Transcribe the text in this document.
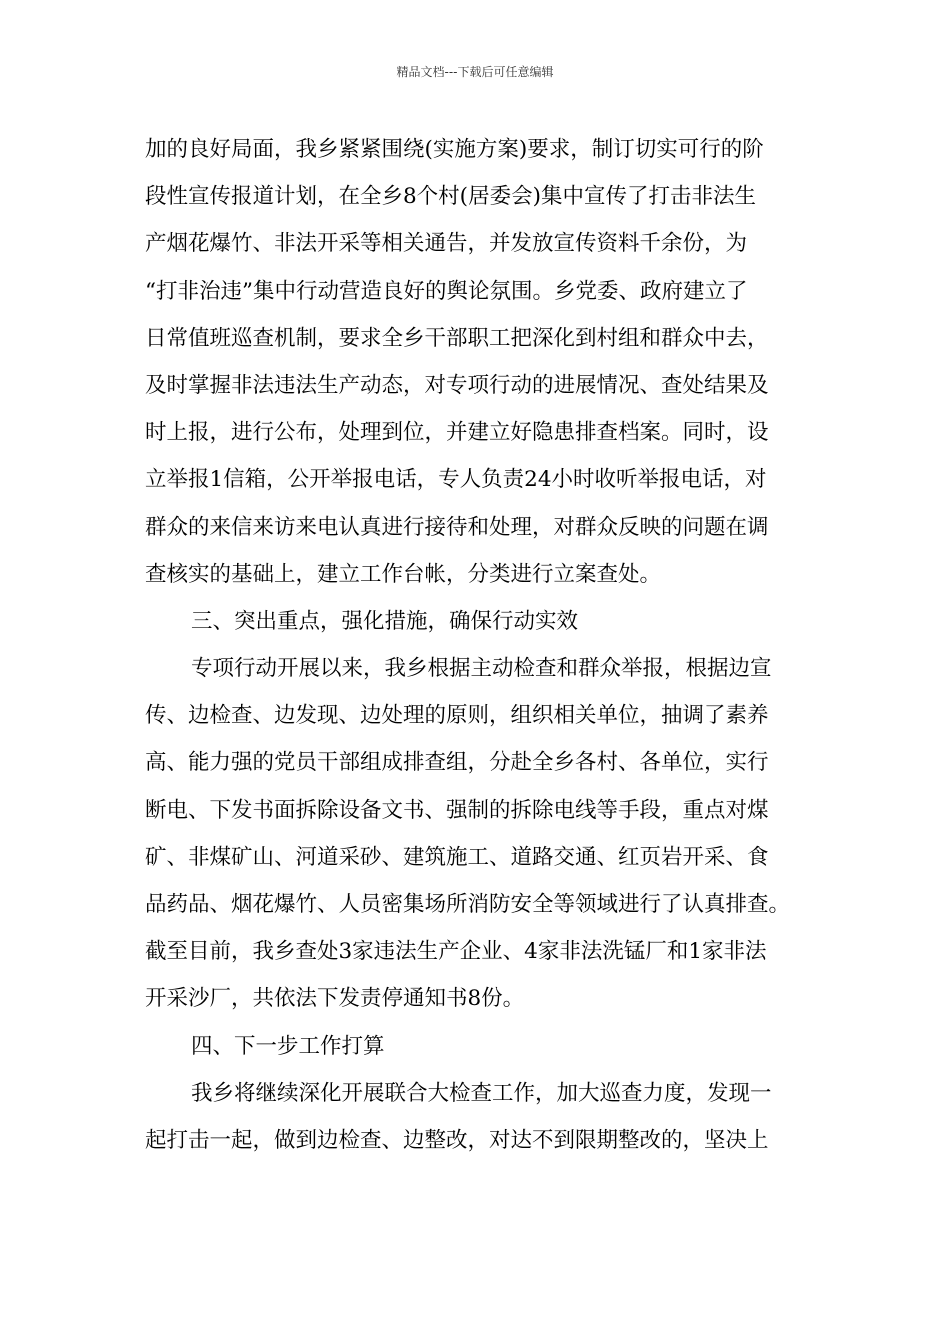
精品文档---下载后可任意编辑
加的良好局面，我乡紧紧围绕(实施方案)要求，制订切实可行的阶
段性宣传报道计划，在全乡8个村(居委会)集中宣传了打击非法生
产烟花爆竹、非法开采等相关通告，并发放宣传资料千余份，为
“打非治违”集中行动营造良好的舆论氛围。乡党委、政府建立了
日常值班巡查机制，要求全乡干部职工把深化到村组和群众中去，
及时掌握非法违法生产动态，对专项行动的进展情况、查处结果及
时上报，进行公布，处理到位，并建立好隐患排查档案。同时，设
立举报1信箱，公开举报电话，专人负责24小时收听举报电话，对
群众的来信来访来电认真进行接待和处理，对群众反映的问题在调
查核实的基础上，建立工作台帐，分类进行立案查处。
三、突出重点，强化措施，确保行动实效
专项行动开展以来，我乡根据主动检查和群众举报，根据边宣
传、边检查、边发现、边处理的原则，组织相关单位，抽调了素养
高、能力强的党员干部组成排查组，分赴全乡各村、各单位，实行
断电、下发书面拆除设备文书、强制的拆除电线等手段，重点对煤
矿、非煤矿山、河道采砂、建筑施工、道路交通、红页岩开采、食
品药品、烟花爆竹、人员密集场所消防安全等领域进行了认真排查。
截至目前，我乡查处3家违法生产企业、4家非法洗锰厂和1家非法
开采沙厂，共依法下发责停通知书8份。
四、下一步工作打算
我乡将继续深化开展联合大检查工作，加大巡查力度，发现一
起打击一起，做到边检查、边整改，对达不到限期整改的，坚决上
